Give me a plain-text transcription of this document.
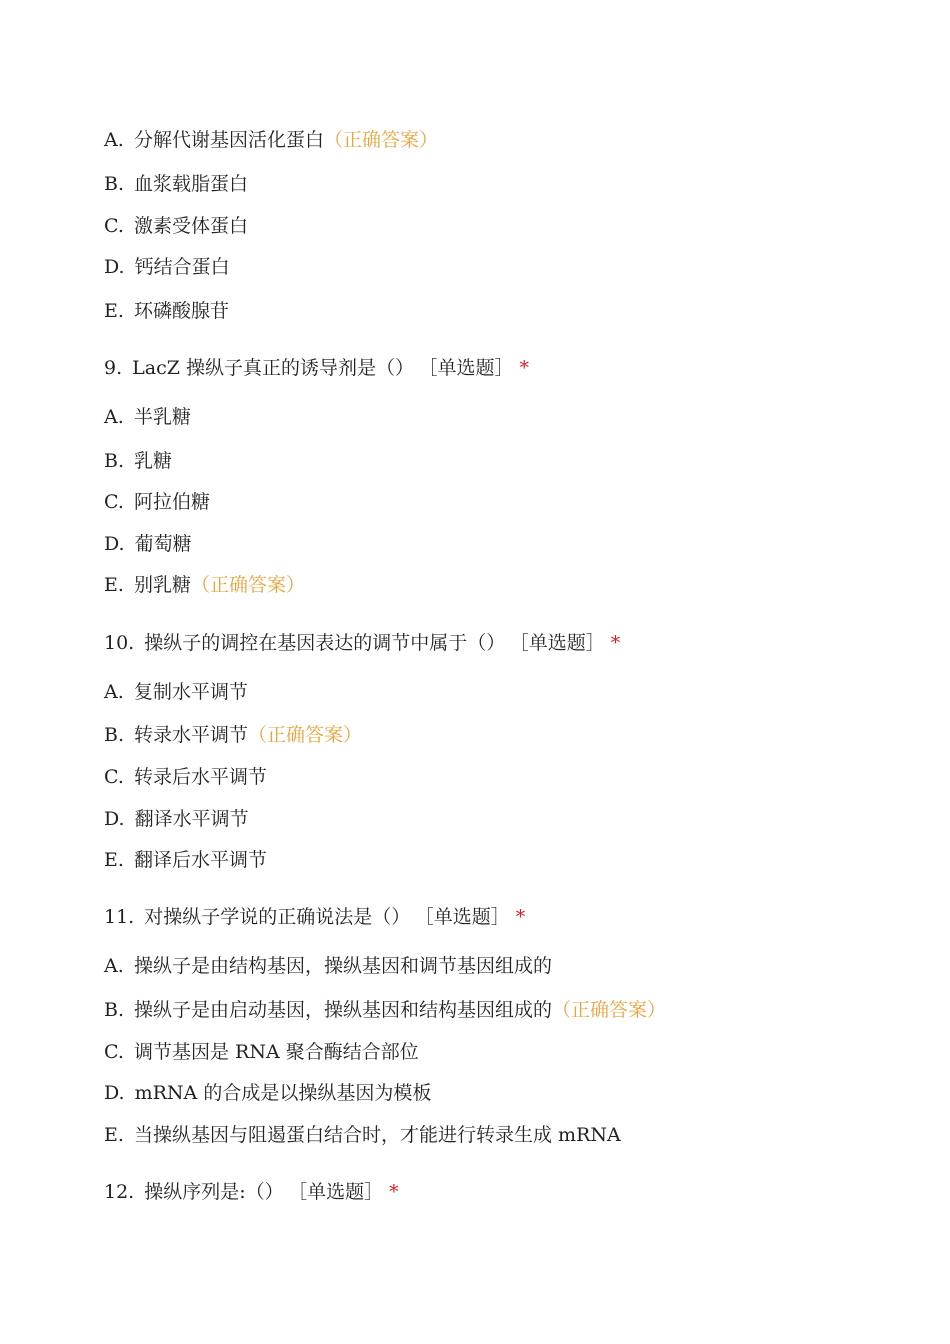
A. 分解代谢基因活化蛋白（正确答案）
B. 血浆载脂蛋白
C. 激素受体蛋白
D. 钙结合蛋白
E. 环磷酸腺苷
9. LacZ 操纵子真正的诱导剂是（） ［单选题］ *
A. 半乳糖
B. 乳糖
C. 阿拉伯糖
D. 葡萄糖
E. 别乳糖（正确答案）
10. 操纵子的调控在基因表达的调节中属于（） ［单选题］ *
A. 复制水平调节
B. 转录水平调节（正确答案）
C. 转录后水平调节
D. 翻译水平调节
E. 翻译后水平调节
11. 对操纵子学说的正确说法是（） ［单选题］ *
A. 操纵子是由结构基因，操纵基因和调节基因组成的
B. 操纵子是由启动基因，操纵基因和结构基因组成的（正确答案）
C. 调节基因是 RNA 聚合酶结合部位
D. mRNA 的合成是以操纵基因为模板
E. 当操纵基因与阻遏蛋白结合时，才能进行转录生成 mRNA
12. 操纵序列是:（） ［单选题］ *
